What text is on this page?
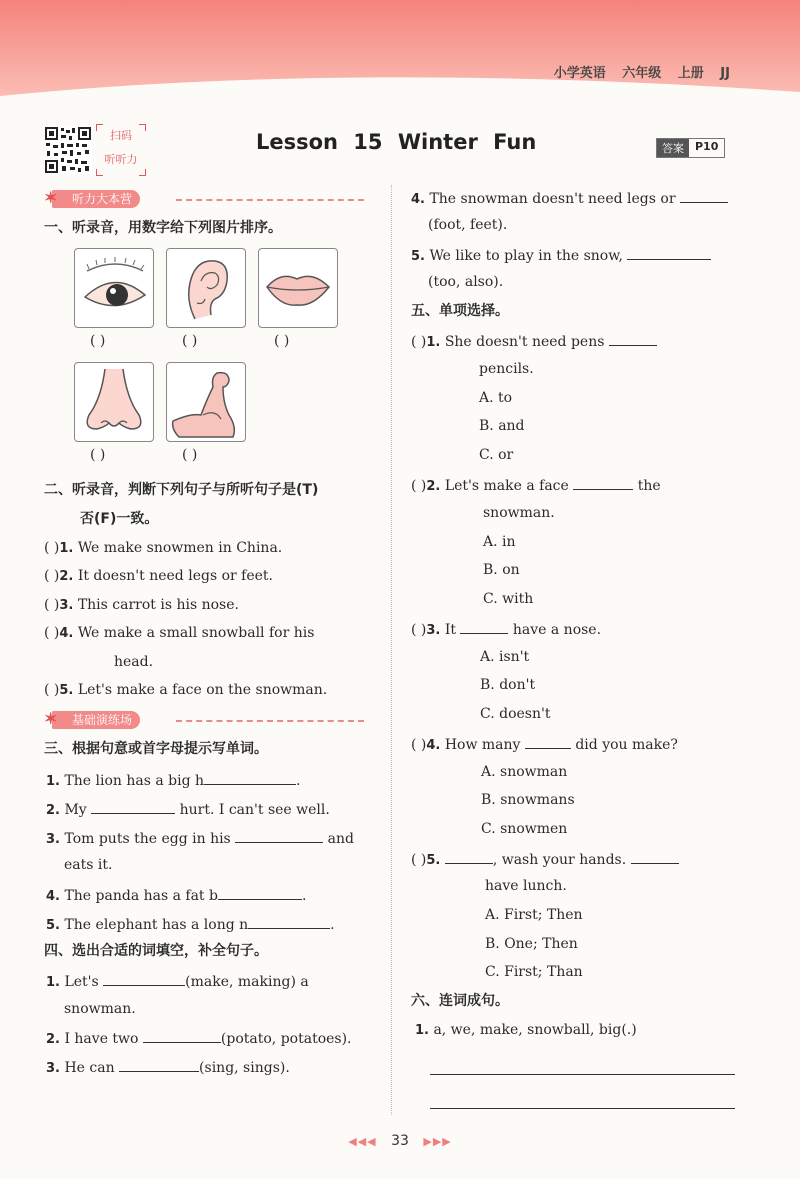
小学英语 六年级 上册 JJ
扫码
听听力
Lesson 15 Winter Fun	答案	P10
听力大本营
✶
一、听录音，用数字给下列图片排序。
( )	( )	( )
( )	( )
二、听录音，判断下列句子与所听句子是(T)
否(F)一致。
( )1. We make snowmen in China.
( )2. It doesn't need legs or feet.
( )3. This carrot is his nose.
( )4. We make a small snowball for his
head.
( )5. Let's make a face on the snowman.
基础演练场
✶
三、根据句意或首字母提示写单词。
1. The lion has a big h	.
2. My	hurt. I can't see well.
3. Tom puts the egg in his	and
eats it.
4. The panda has a fat b	.
5. The elephant has a long n	.
四、选出合适的词填空，补全句子。
1. Let's	(make, making) a
snowman.
2. I have two	(potato, potatoes).
3. He can	(sing, sings).
4. The snowman doesn't need legs or
(foot, feet).
5. We like to play in the snow,
(too, also).
五、单项选择。
( )1. She doesn't need pens
pencils.
A. to
B. and
C. or
( )2. Let's make a face	the
snowman.
A. in
B. on
C. with
( )3. It	have a nose.
A. isn't
B. don't
C. doesn't
( )4. How many	did you make?
A. snowman
B. snowmans
C. snowmen
( )5.	, wash your hands.
have lunch.
A. First; Then
B. One; Then
C. First; Than
六、连词成句。
1. a, we, make, snowball, big(.)
◀◀◀ 33 ▶▶▶
